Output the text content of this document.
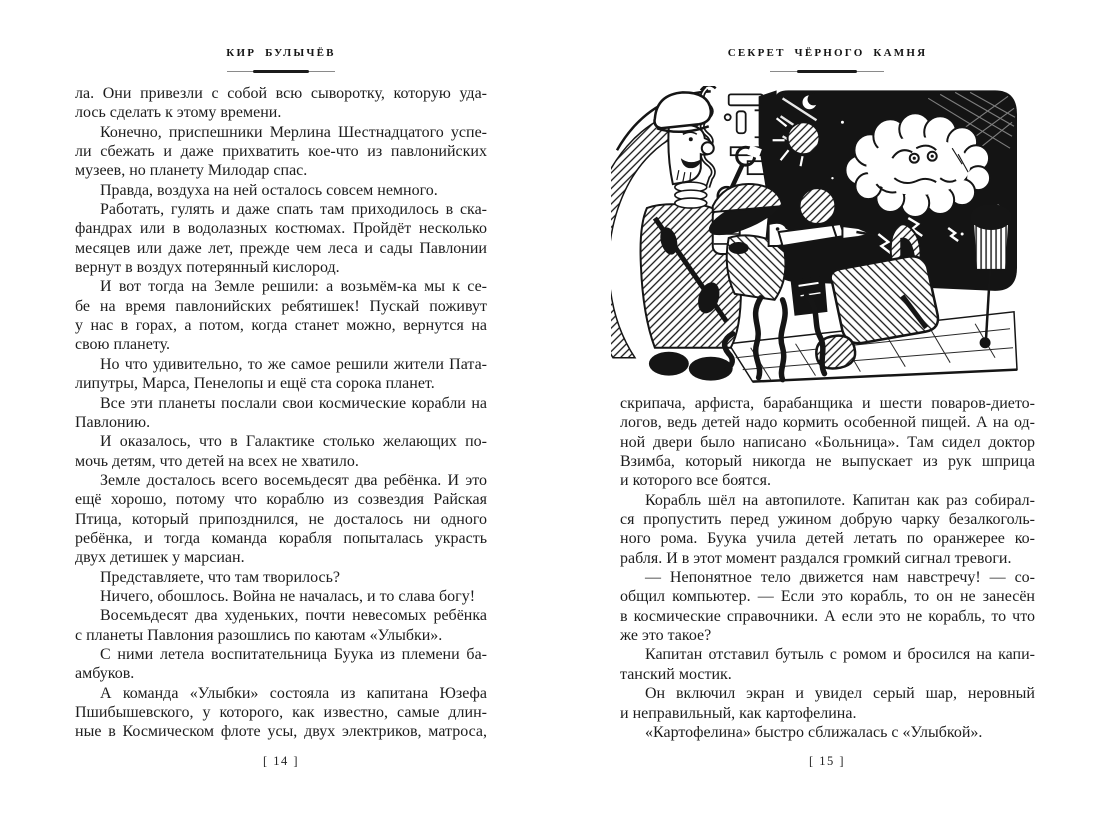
КИР БУЛЫЧЁВ	СЕКРЕТ ЧЁРНОГО КАМНЯ
ла. Они привезли с собой всю сыворотку, которую уда-
лось сделать к этому времени.
Конечно, приспешники Мерлина Шестнадцатого успе-
ли сбежать и даже прихватить кое-что из павлонийских
музеев, но планету Милодар спас.
Правда, воздуха на ней осталось совсем немного.
Работать, гулять и даже спать там приходилось в ска-
фандрах или в водолазных костюмах. Пройдёт несколько
месяцев или даже лет, прежде чем леса и сады Павлонии
вернут в воздух потерянный кислород.
И вот тогда на Земле решили: а возьмём-ка мы к се-
бе на время павлонийских ребятишек! Пускай поживут
у нас в горах, а потом, когда станет можно, вернутся на
свою планету.
Но что удивительно, то же самое решили жители Пата-
липутры, Марса, Пенелопы и ещё ста сорока планет.
Все эти планеты послали свои космические корабли на
Павлонию.
И оказалось, что в Галактике столько желающих по-
мочь детям, что детей на всех не хватило.
Земле досталось всего восемьдесят два ребёнка. И это
ещё хорошо, потому что кораблю из созвездия Райская
Птица, который припозднился, не досталось ни одного
ребёнка, и тогда команда корабля попыталась украсть
двух детишек у марсиан.
Представляете, что там творилось?
Ничего, обошлось. Война не началась, и то слава богу!
Восемьдесят два худеньких, почти невесомых ребёнка
с планеты Павлония разошлись по каютам «Улыбки».
С ними летела воспитательница Буука из племени ба-
амбуков.
А команда «Улыбки» состояла из капитана Юзефа
Пшибышевского, у которого, как известно, самые длин-
ные в Космическом флоте усы, двух электриков, матроса,
скрипача, арфиста, барабанщика и шести поваров-дието-
логов, ведь детей надо кормить особенной пищей. А на од-
ной двери было написано «Больница». Там сидел доктор
Взимба, который никогда не выпускает из рук шприца
и которого все боятся.
Корабль шёл на автопилоте. Капитан как раз собирал-
ся пропустить перед ужином добрую чарку безалкоголь-
ного рома. Буука учила детей летать по оранжерее ко-
рабля. И в этот момент раздался громкий сигнал тревоги.
— Непонятное тело движется нам навстречу! — со-
общил компьютер. — Если это корабль, то он не занесён
в космические справочники. А если это не корабль, то что
же это такое?
Капитан отставил бутыль с ромом и бросился на капи-
танский мостик.
Он включил экран и увидел серый шар, неровный
и неправильный, как картофелина.
«Картофелина» быстро сближалась с «Улыбкой».
[ 14 ]	[ 15 ]
